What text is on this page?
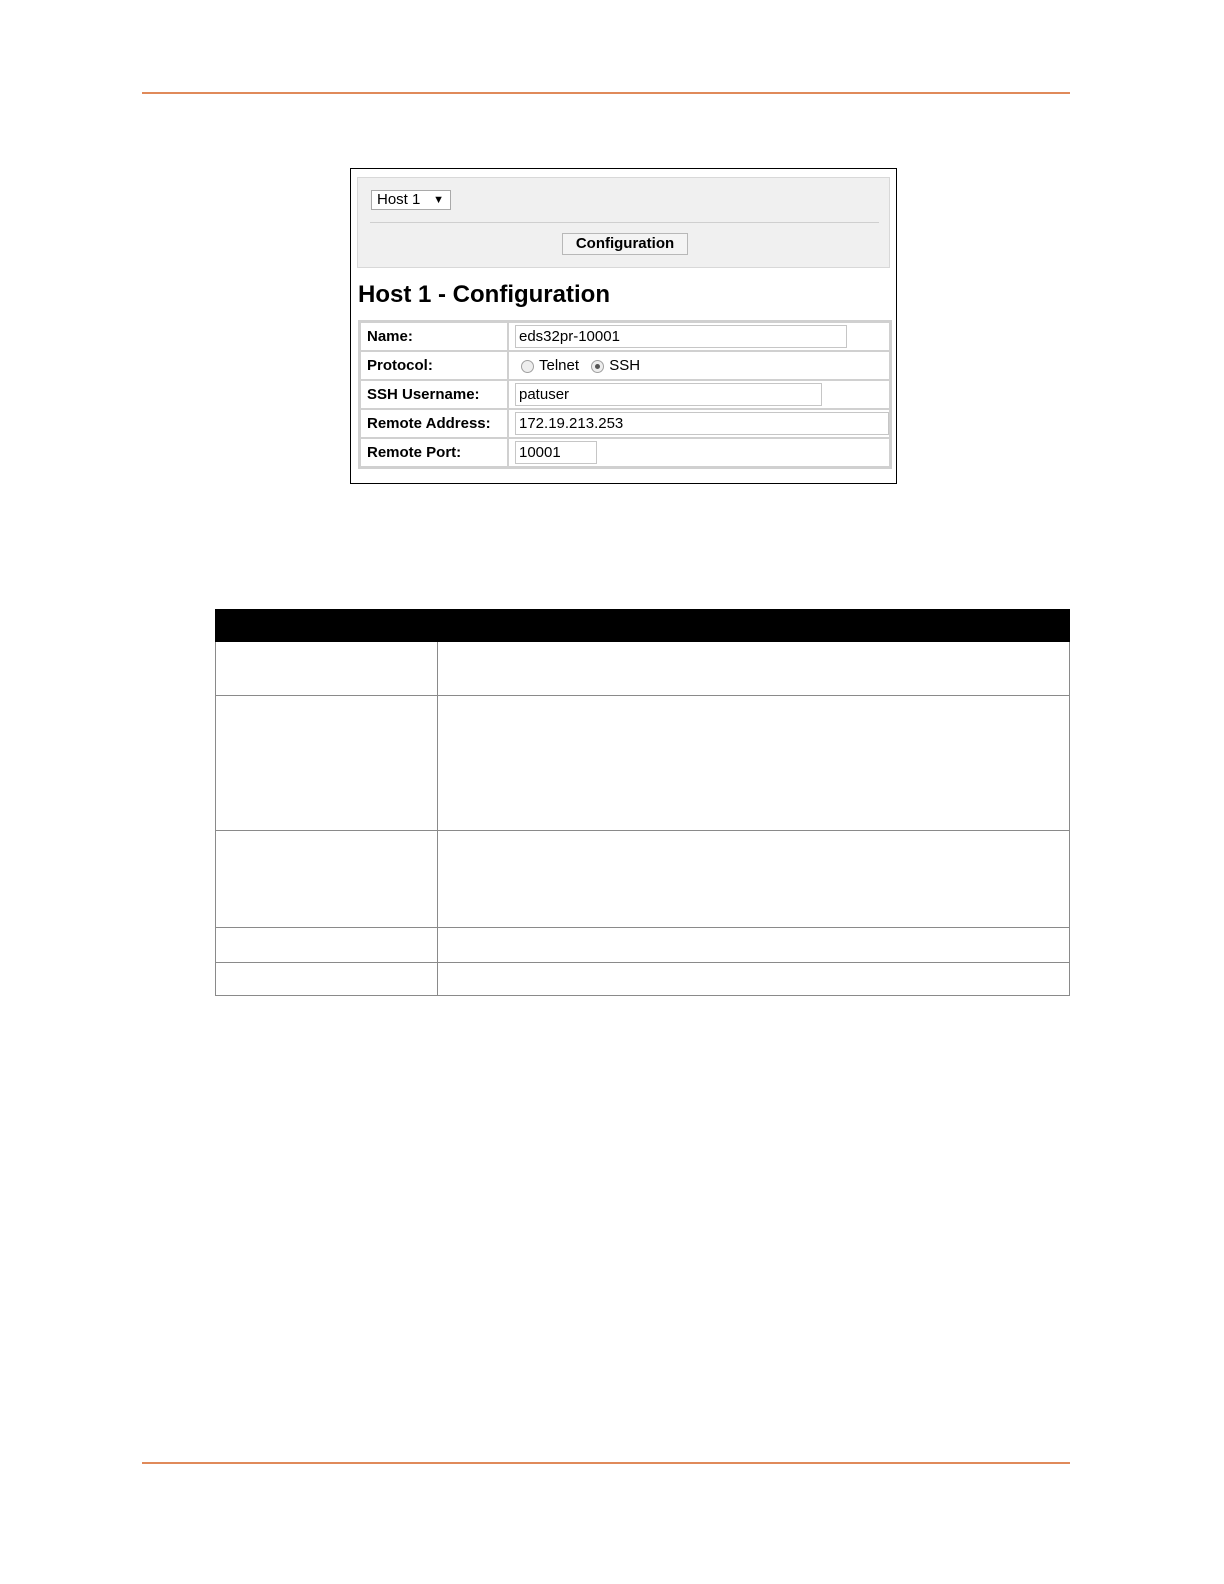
Host 1 ▼
Configuration
Host 1 - Configuration
Name:	eds32pr-10001
Protocol:	Telnet SSH
SSH Username:	patuser
Remote Address:	172.19.213.253
Remote Port:	10001
